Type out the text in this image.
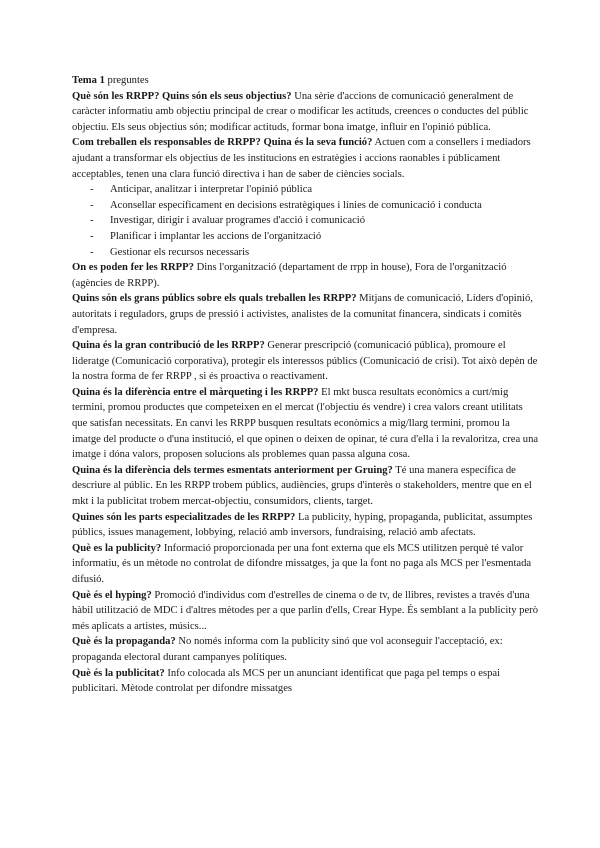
Tema 1 preguntes

Què són les RRPP? Quins són els seus objectius? Una sèrie d'accions de comunicació generalment de caràcter informatiu amb objectiu principal de crear o modificar les actituds, creences o conductes del públic objectiu. Els seus objectius són; modificar actituds, formar bona imatge, influir en l'opinió pública.

Com treballen els responsables de RRPP? Quina és la seva funció? Actuen com a consellers i mediadors ajudant a transformar els objectius de les institucions en estratègies i accions raonables i públicament acceptables, tenen una clara funció directiva i han de saber de ciències socials.

- Anticipar, analitzar i interpretar l'opinió pública
- Aconsellar específicament en decisions estratègiques i línies de comunicació i conducta
- Investigar, dirigir i avaluar programes d'acció i comunicació
- Planificar i implantar les accions de l'organització
- Gestionar els recursos necessaris

On es poden fer les RRPP? Dins l'organització (departament de rrpp in house), Fora de l'organització (agències de RRPP).

Quins són els grans públics sobre els quals treballen les RRPP? Mitjans de comunicació, Líders d'opinió, autoritats i reguladors, grups de pressió i activistes, analistes de la comunitat financera, sindicats i comitès d'empresa.

Quina és la gran contribució de les RRPP? Generar prescripció (comunicació pública), promoure el lideratge (Comunicació corporativa), protegir els interessos públics (Comunicació de crisi). Tot això depèn de la nostra forma de fer RRPP , si és proactiva o reactivament.

Quina és la diferència entre el màrqueting i les RRPP? El mkt busca resultats econòmics a curt/mig termini, promou productes que competeixen en el mercat (l'objectiu és vendre) i crea valors creant utilitats que satisfan necessitats. En canvi les RRPP busquen resultats econòmics a mig/llarg termini, promou la imatge del producte o d'una institució, el que opinen o deixen de opinar, té cura d'ella i la revaloritza, crea una imatge i dóna valors, proposen solucions als problemes quan passa alguna cosa.

Quina és la diferència dels termes esmentats anteriorment per Gruing? Té una manera específica de descriure al públic. En les RRPP trobem públics, audiències, grups d'interès o stakeholders, mentre que en el mkt i la publicitat trobem mercat-objectiu, consumidors, clients, target.

Quines són les parts especialitzades de les RRPP? La publicity, hyping, propaganda, publicitat, assumptes públics, issues management, lobbying, relació amb inversors, fundraising, relació amb afectats.

Què es la publicity? Informació proporcionada per una font externa que els MCS utilitzen perquè té valor informatiu, és un mètode no controlat de difondre missatges, ja que la font no paga als MCS per l'esmentada difusió.

Què és el hyping? Promoció d'individus com d'estrelles de cinema o de tv, de llibres, revistes a través d'una hàbil utilització de MDC i d'altres mètodes per a que parlin d'ells, Crear Hype. És semblant a la publicity però més aplicats a artistes, músics...

Què és la propaganda? No només informa com la publicity sinó que vol aconseguir l'acceptació, ex: propaganda electoral durant campanyes polítiques.

Què és la publicitat? Info colocada als MCS per un anunciant identificat que paga pel temps o espai publicitari. Mètode controlat per difondre missatges
